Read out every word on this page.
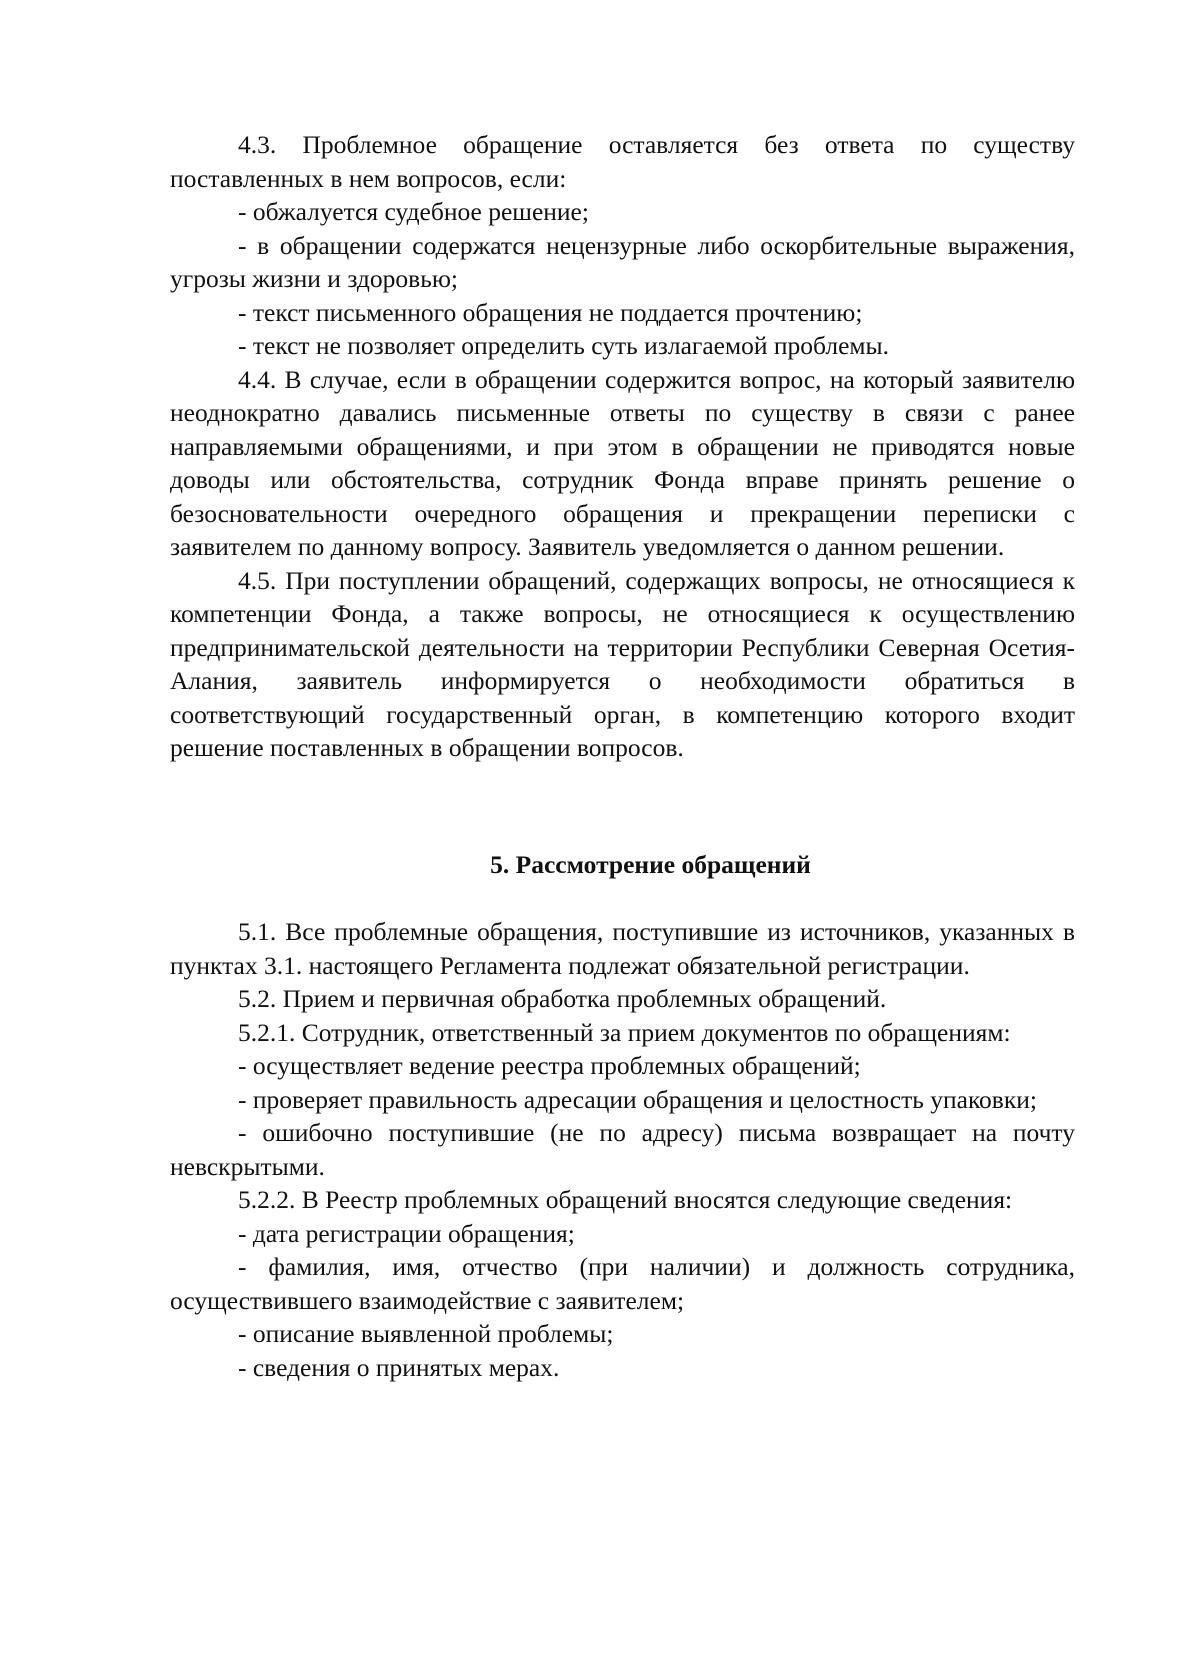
4.3. Проблемное обращение оставляется без ответа по существу поставленных в нем вопросов, если:

- обжалуется судебное решение;

- в обращении содержатся нецензурные либо оскорбительные выражения, угрозы жизни и здоровью;

- текст письменного обращения не поддается прочтению;

- текст не позволяет определить суть излагаемой проблемы.

4.4. В случае, если в обращении содержится вопрос, на который заявителю неоднократно давались письменные ответы по существу в связи с ранее направляемыми обращениями, и при этом в обращении не приводятся новые доводы или обстоятельства, сотрудник Фонда вправе принять решение о безосновательности очередного обращения и прекращении переписки с заявителем по данному вопросу. Заявитель уведомляется о данном решении.

4.5. При поступлении обращений, содержащих вопросы, не относящиеся к компетенции Фонда, а также вопросы, не относящиеся к осуществлению предпринимательской деятельности на территории Республики Северная Осетия-Алания, заявитель информируется о необходимости обратиться в соответствующий государственный орган, в компетенцию которого входит решение поставленных в обращении вопросов.

5. Рассмотрение обращений

5.1. Все проблемные обращения, поступившие из источников, указанных в пунктах 3.1. настоящего Регламента подлежат обязательной регистрации.

5.2. Прием и первичная обработка проблемных обращений.

5.2.1. Сотрудник, ответственный за прием документов по обращениям:

- осуществляет ведение реестра проблемных обращений;

- проверяет правильность адресации обращения и целостность упаковки;

- ошибочно поступившие (не по адресу) письма возвращает на почту невскрытыми.

5.2.2. В Реестр проблемных обращений вносятся следующие сведения:

- дата регистрации обращения;

- фамилия, имя, отчество (при наличии) и должность сотрудника, осуществившего взаимодействие с заявителем;

- описание выявленной проблемы;

- сведения о принятых мерах.
